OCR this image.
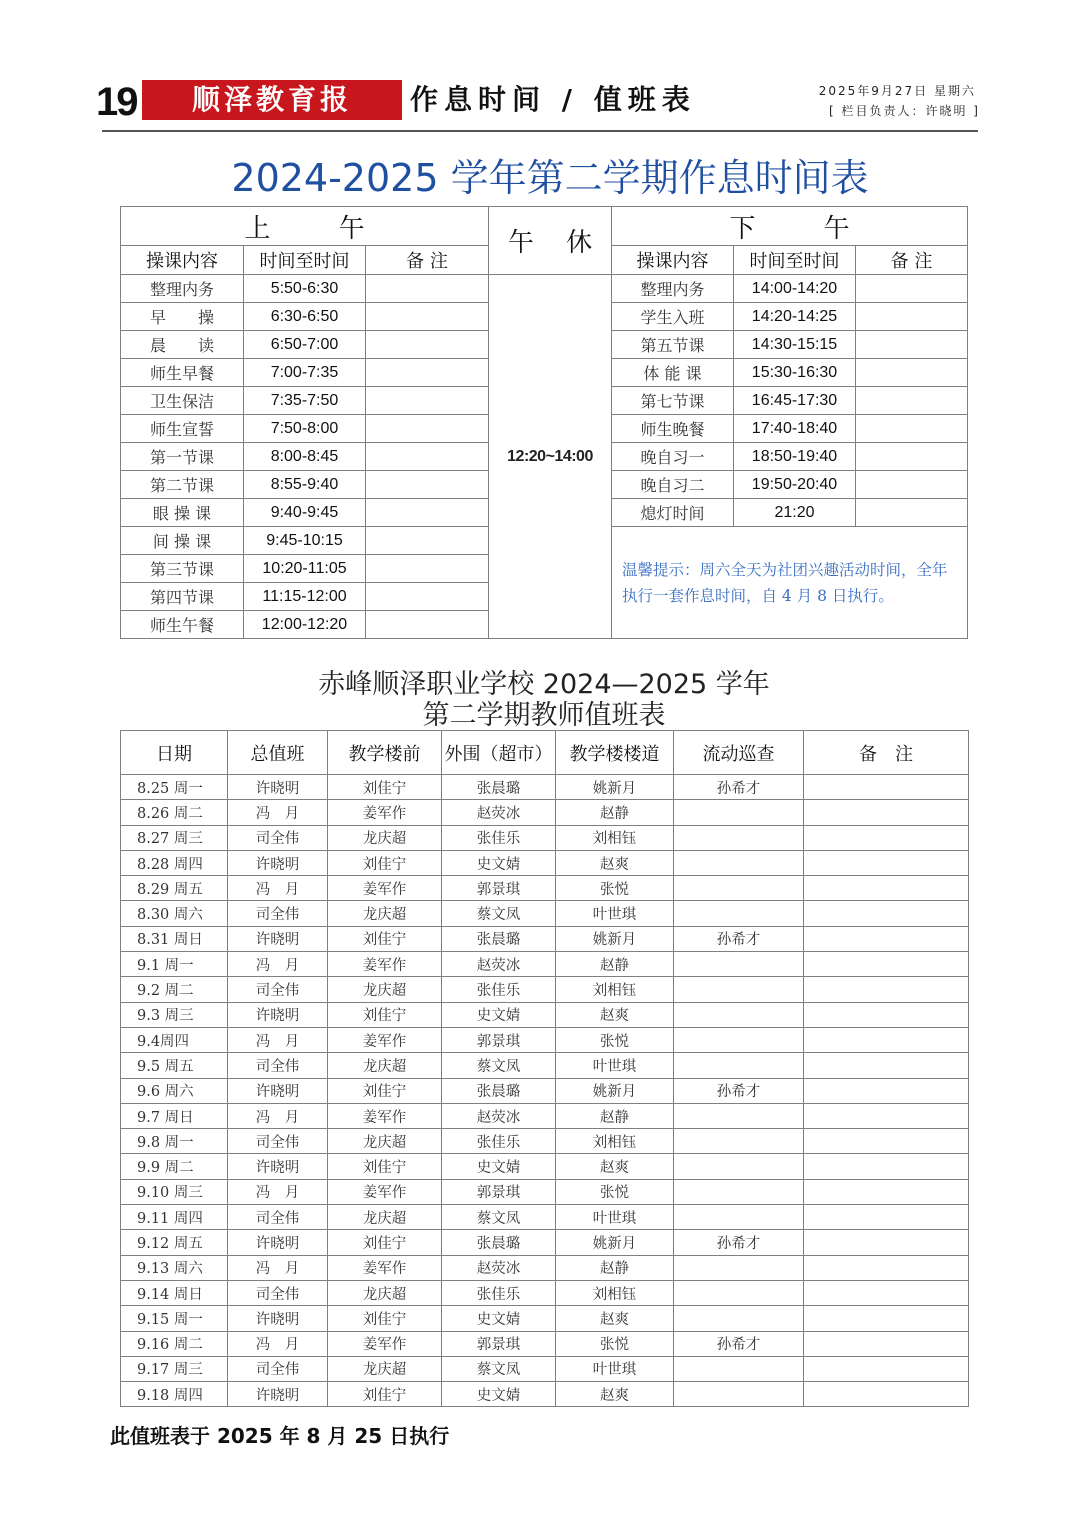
19	顺泽教育报	作息时间 / 值班表	2025年9月27日 星期六
[ 栏目负责人：许晓明 ]
2024-2025 学年第二学期作息时间表
上 午			午 休	下 午		
操课内容	时间至时间	备 注		操课内容	时间至时间	备 注
整理内务	5:50-6:30		12:20~14:00	整理内务	14:00-14:20	
早　　操	6:30-6:50			学生入班	14:20-14:25	
晨　　读	6:50-7:00			第五节课	14:30-15:15	
师生早餐	7:00-7:35			体 能 课	15:30-16:30	
卫生保洁	7:35-7:50			第七节课	16:45-17:30	
师生宣誓	7:50-8:00			师生晚餐	17:40-18:40	
第一节课	8:00-8:45			晚自习一	18:50-19:40	
第二节课	8:55-9:40			晚自习二	19:50-20:40	
眼 操 课	9:40-9:45			熄灯时间	21:20	
间 操 课	9:45-10:15			温馨提示：周六全天为社团兴趣活动时间，全年执行一套作息时间，自 4 月 8 日执行。		
第三节课	10:20-11:05					
第四节课	11:15-12:00					
师生午餐	12:00-12:20					
赤峰顺泽职业学校 2024—2025 学年
第二学期教师值班表
日期	总值班	教学楼前	外围（超市）	教学楼楼道	流动巡查	备　注
8.25 周一	许晓明	刘佳宁	张晨璐	姚新月	孙希才	
8.26 周二	冯　月	姜军作	赵荧冰	赵静		
8.27 周三	司全伟	龙庆超	张佳乐	刘相钰		
8.28 周四	许晓明	刘佳宁	史文婧	赵爽		
8.29 周五	冯　月	姜军作	郭景琪	张悦		
8.30 周六	司全伟	龙庆超	蔡文凤	叶世琪		
8.31 周日	许晓明	刘佳宁	张晨璐	姚新月	孙希才	
9.1 周一	冯　月	姜军作	赵荧冰	赵静		
9.2 周二	司全伟	龙庆超	张佳乐	刘相钰		
9.3 周三	许晓明	刘佳宁	史文婧	赵爽		
9.4周四	冯　月	姜军作	郭景琪	张悦		
9.5 周五	司全伟	龙庆超	蔡文凤	叶世琪		
9.6 周六	许晓明	刘佳宁	张晨璐	姚新月	孙希才	
9.7 周日	冯　月	姜军作	赵荧冰	赵静		
9.8 周一	司全伟	龙庆超	张佳乐	刘相钰		
9.9 周二	许晓明	刘佳宁	史文婧	赵爽		
9.10 周三	冯　月	姜军作	郭景琪	张悦		
9.11 周四	司全伟	龙庆超	蔡文凤	叶世琪		
9.12 周五	许晓明	刘佳宁	张晨璐	姚新月	孙希才	
9.13 周六	冯　月	姜军作	赵荧冰	赵静		
9.14 周日	司全伟	龙庆超	张佳乐	刘相钰		
9.15 周一	许晓明	刘佳宁	史文婧	赵爽		
9.16 周二	冯　月	姜军作	郭景琪	张悦	孙希才	
9.17 周三	司全伟	龙庆超	蔡文凤	叶世琪		
9.18 周四	许晓明	刘佳宁	史文婧	赵爽		
此值班表于 2025 年 8 月 25 日执行
